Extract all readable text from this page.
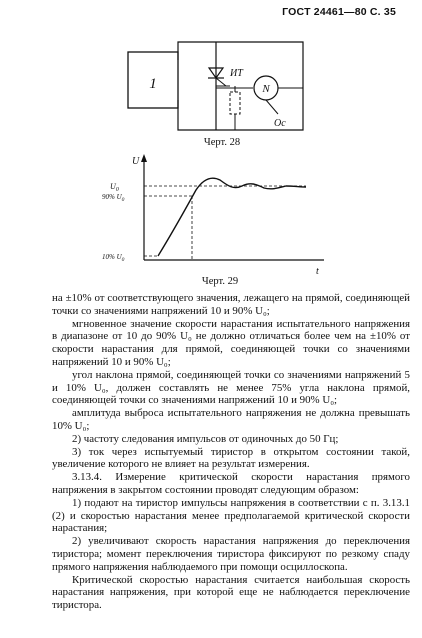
ГОСТ 24461—80 С. 35
1
ИТ
N
Ос
Черт. 28
U
t
$U_0$
90% $U_0$
10% $U_0$
Черт. 29

на ±10% от соответствующего значения, лежащего на прямой, соединяющей точки со значениями напряжений 10 и 90% U₀;

мгновенное значение скорости нарастания испытательного напряжения в диапазоне от 10 до 90% U₀ не должно отличаться более чем на ±10% от скорости нарастания для прямой, соединяющей точки со значениями напряжений 10 и 90% U₀;

угол наклона прямой, соединяющей точки со значениями напряжений 5 и 10% U₀, должен составлять не менее 75% угла наклона прямой, соединяющей точки со значениями напряжений 10 и 90% U₀;

амплитуда выброса испытательного напряжения не должна превышать 10% U₀;

2) частоту следования импульсов от одиночных до 50 Гц;

3) ток через испытуемый тиристор в открытом состоянии такой, увеличение которого не влияет на результат измерения.

3.13.4. Измерение критической скорости нарастания прямого напряжения в закрытом состоянии проводят следующим образом:

1) подают на тиристор импульсы напряжения в соответствии с п. 3.13.1 (2) и скоростью нарастания менее предполагаемой критической скорости нарастания;

2) увеличивают скорость нарастания напряжения до переключения тиристора; момент переключения тиристора фиксируют по резкому спаду прямого напряжения наблюдаемого при помощи осциллоскопа.

Критической скоростью нарастания считается наибольшая скорость нарастания напряжения, при которой еще не наблюдается переключение тиристора.
